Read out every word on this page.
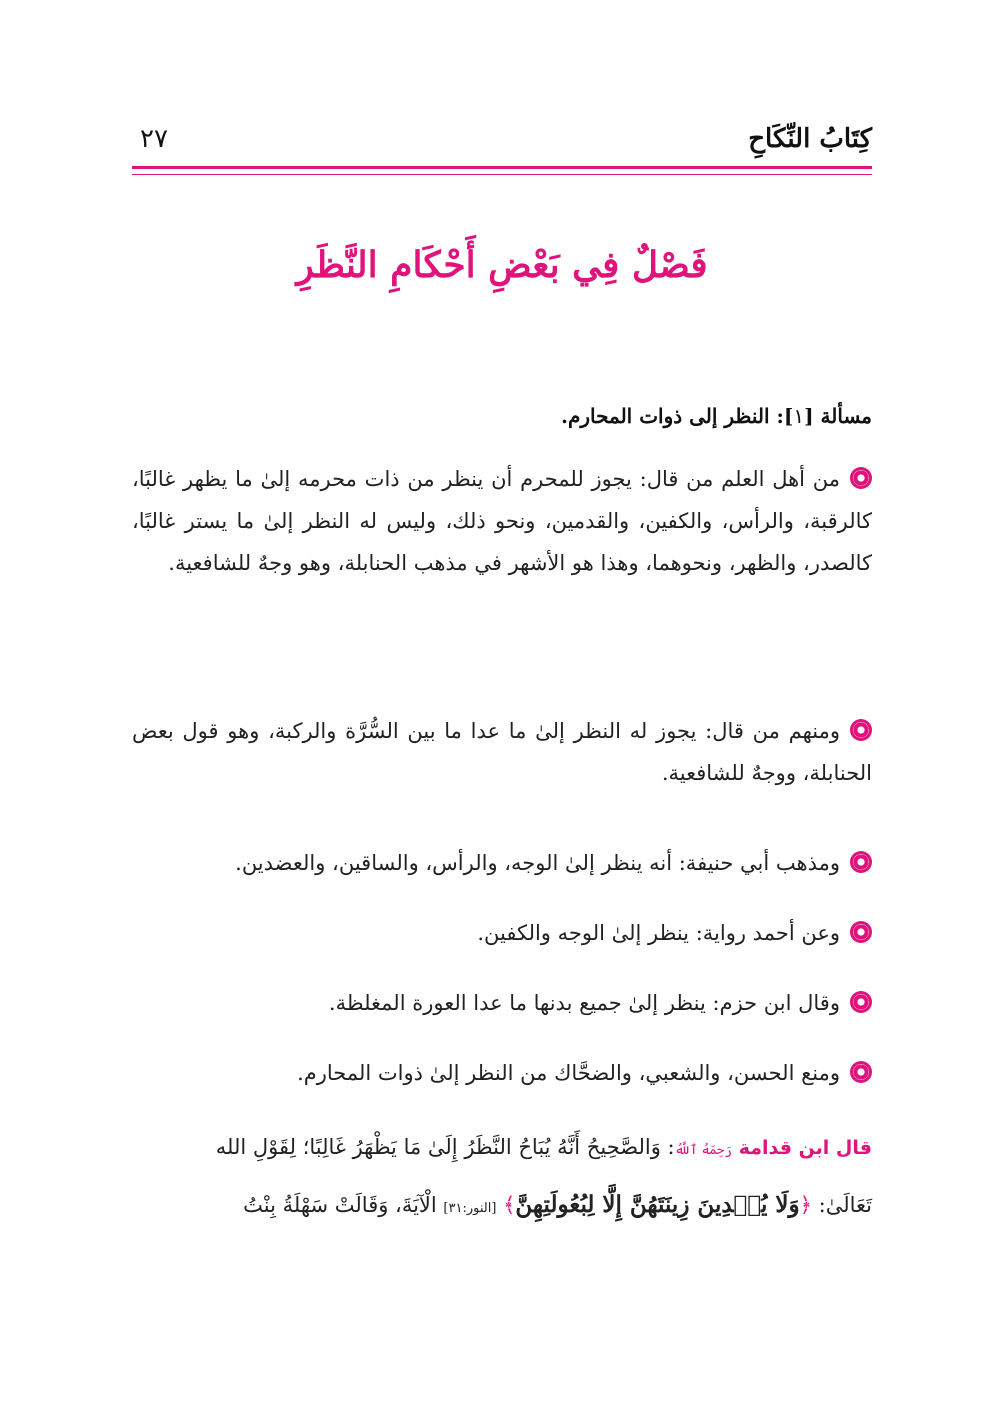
كِتَابُ النِّكَاحِ
٢٧
فَصْلٌ فِي بَعْضِ أَحْكَامِ النَّظَرِ
مسألة [١]: النظر إلى ذوات المحارم.

من أهل العلم من قال: يجوز للمحرم أن ينظر من ذات محرمه إلىٰ ما يظهر غالبًا، كالرقبة، والرأس، والكفين، والقدمين، ونحو ذلك، وليس له النظر إلىٰ ما يستر غالبًا، كالصدر، والظهر، ونحوهما، وهذا هو الأشهر في مذهب الحنابلة، وهو وجهٌ للشافعية.

ومنهم من قال: يجوز له النظر إلىٰ ما عدا ما بين السُّرَّة والركبة، وهو قول بعض الحنابلة، ووجهٌ للشافعية.

ومذهب أبي حنيفة: أنه ينظر إلىٰ الوجه، والرأس، والساقين، والعضدين.

وعن أحمد رواية: ينظر إلىٰ الوجه والكفين.

وقال ابن حزم: ينظر إلىٰ جميع بدنها ما عدا العورة المغلظة.

ومنع الحسن، والشعبي، والضحَّاك من النظر إلىٰ ذوات المحارم.

قال ابن قدامة رَحِمَهُ ٱللَّهُ: وَالصَّحِيحُ أَنَّهُ يُبَاحُ النَّظَرُ إِلَىٰ مَا يَظْهَرُ غَالِبًا؛ لِقَوْلِ الله
تَعَالَىٰ: ﴿وَلَا يُبۡدِينَ زِينَتَهُنَّ إِلَّا لِبُعُولَتِهِنَّ﴾ [النور:٣١] الْآيَةَ، وَقَالَتْ سَهْلَةُ بِنْتُ
